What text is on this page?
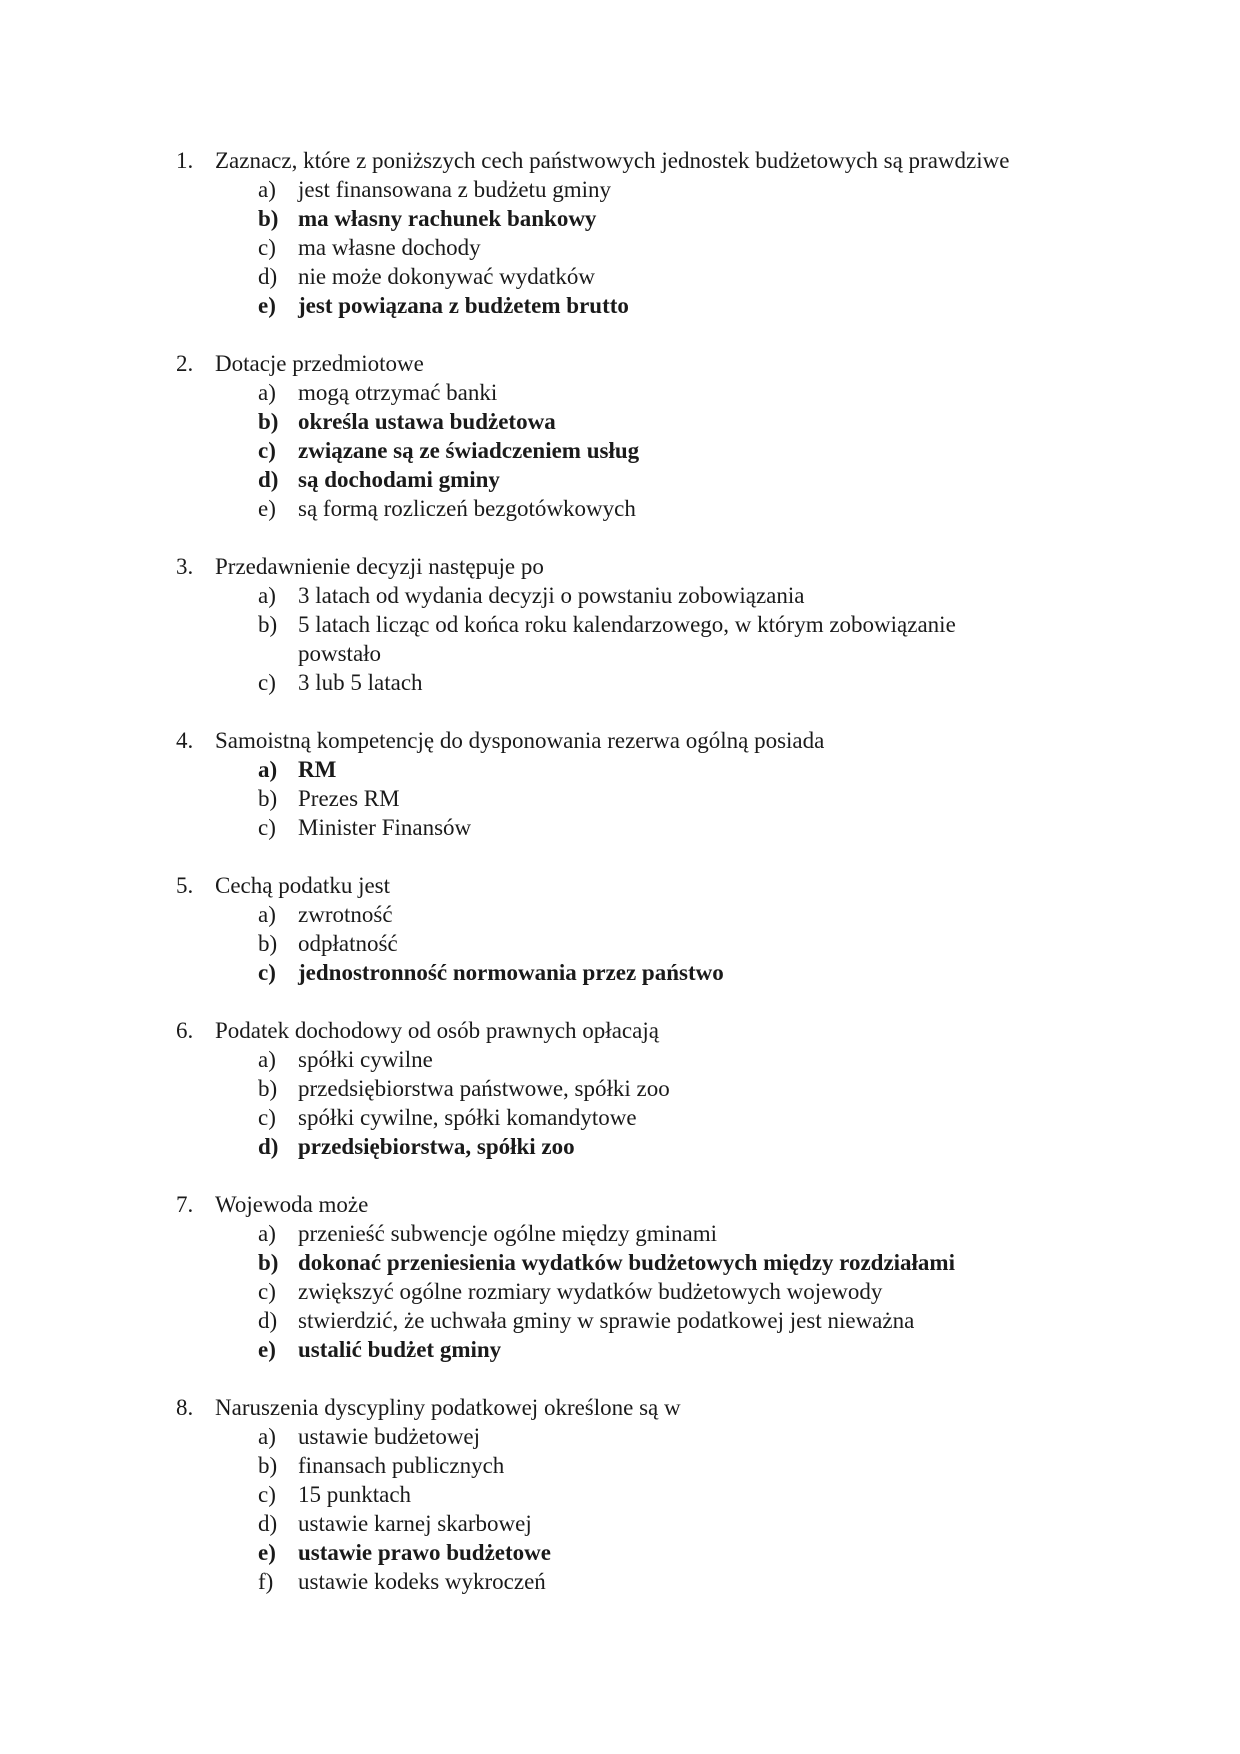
1. Zaznacz, które z poniższych cech państwowych jednostek budżetowych są prawdziwe
a) jest finansowana z budżetu gminy
b) ma własny rachunek bankowy
c) ma własne dochody
d) nie może dokonywać wydatków
e) jest powiązana z budżetem brutto
2. Dotacje przedmiotowe
a) mogą otrzymać banki
b) określa ustawa budżetowa
c) związane są ze świadczeniem usług
d) są dochodami gminy
e) są formą rozliczeń bezgotówkowych
3. Przedawnienie decyzji następuje po
a) 3 latach od wydania decyzji o powstaniu zobowiązania
b) 5 latach licząc od końca roku kalendarzowego, w którym zobowiązanie powstało
c) 3 lub 5 latach
4. Samoistną kompetencję do dysponowania rezerwa ogólną posiada
a) RM
b) Prezes RM
c) Minister Finansów
5. Cechą podatku jest
a) zwrotność
b) odpłatność
c) jednostronność normowania przez państwo
6. Podatek dochodowy od osób prawnych opłacają
a) spółki cywilne
b) przedsiębiorstwa państwowe, spółki zoo
c) spółki cywilne, spółki komandytowe
d) przedsiębiorstwa, spółki zoo
7. Wojewoda może
a) przenieść subwencje ogólne między gminami
b) dokonać przeniesienia wydatków budżetowych między rozdziałami
c) zwiększyć ogólne rozmiary wydatków budżetowych wojewody
d) stwierdzić, że uchwała gminy w sprawie podatkowej jest nieważna
e) ustalić budżet gminy
8. Naruszenia dyscypliny podatkowej określone są w
a) ustawie budżetowej
b) finansach publicznych
c) 15 punktach
d) ustawie karnej skarbowej
e) ustawie prawo budżetowe
f) ustawie kodeks wykroczeń
